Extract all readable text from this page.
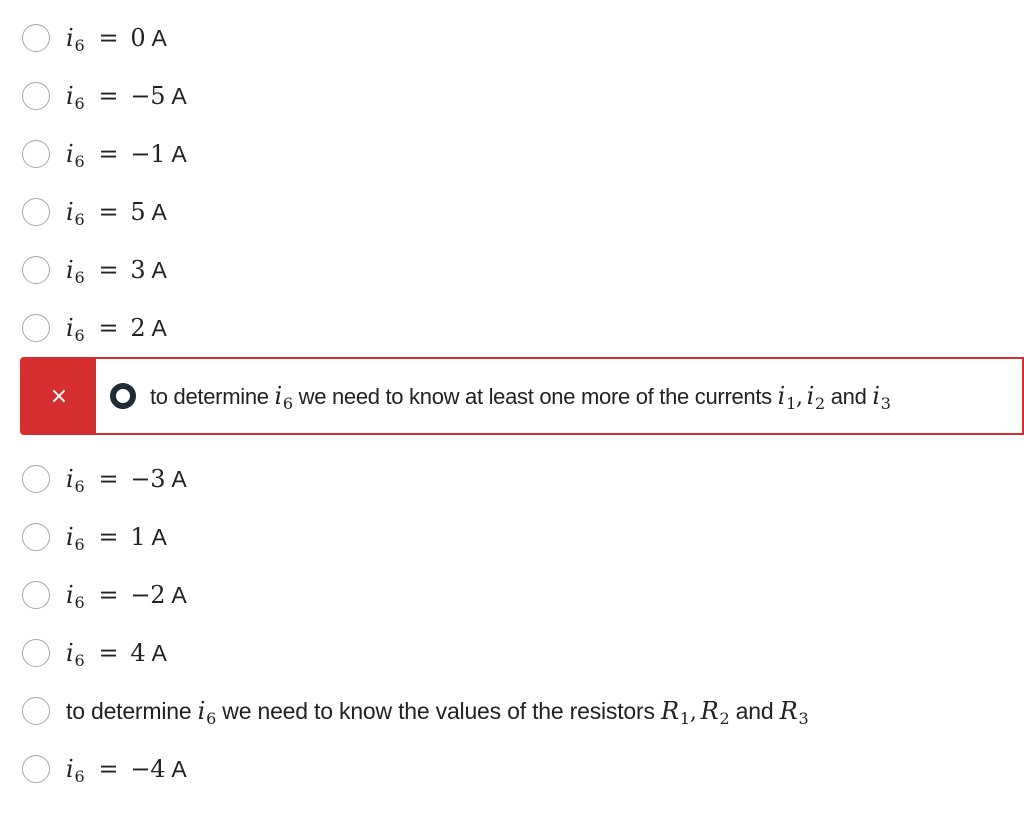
$i_6 = 0$ A
$i_6 = -5$ A
$i_6 = -1$ A
$i_6 = 5$ A
$i_6 = 3$ A
$i_6 = 2$ A
×	to determine $i_6$ we need to know at least one more of the currents $i_1$, $i_2$ and $i_3$
$i_6 = -3$ A
$i_6 = 1$ A
$i_6 = -2$ A
$i_6 = 4$ A
to determine $i_6$ we need to know the values of the resistors $R_1$, $R_2$ and $R_3$
$i_6 = -4$ A
